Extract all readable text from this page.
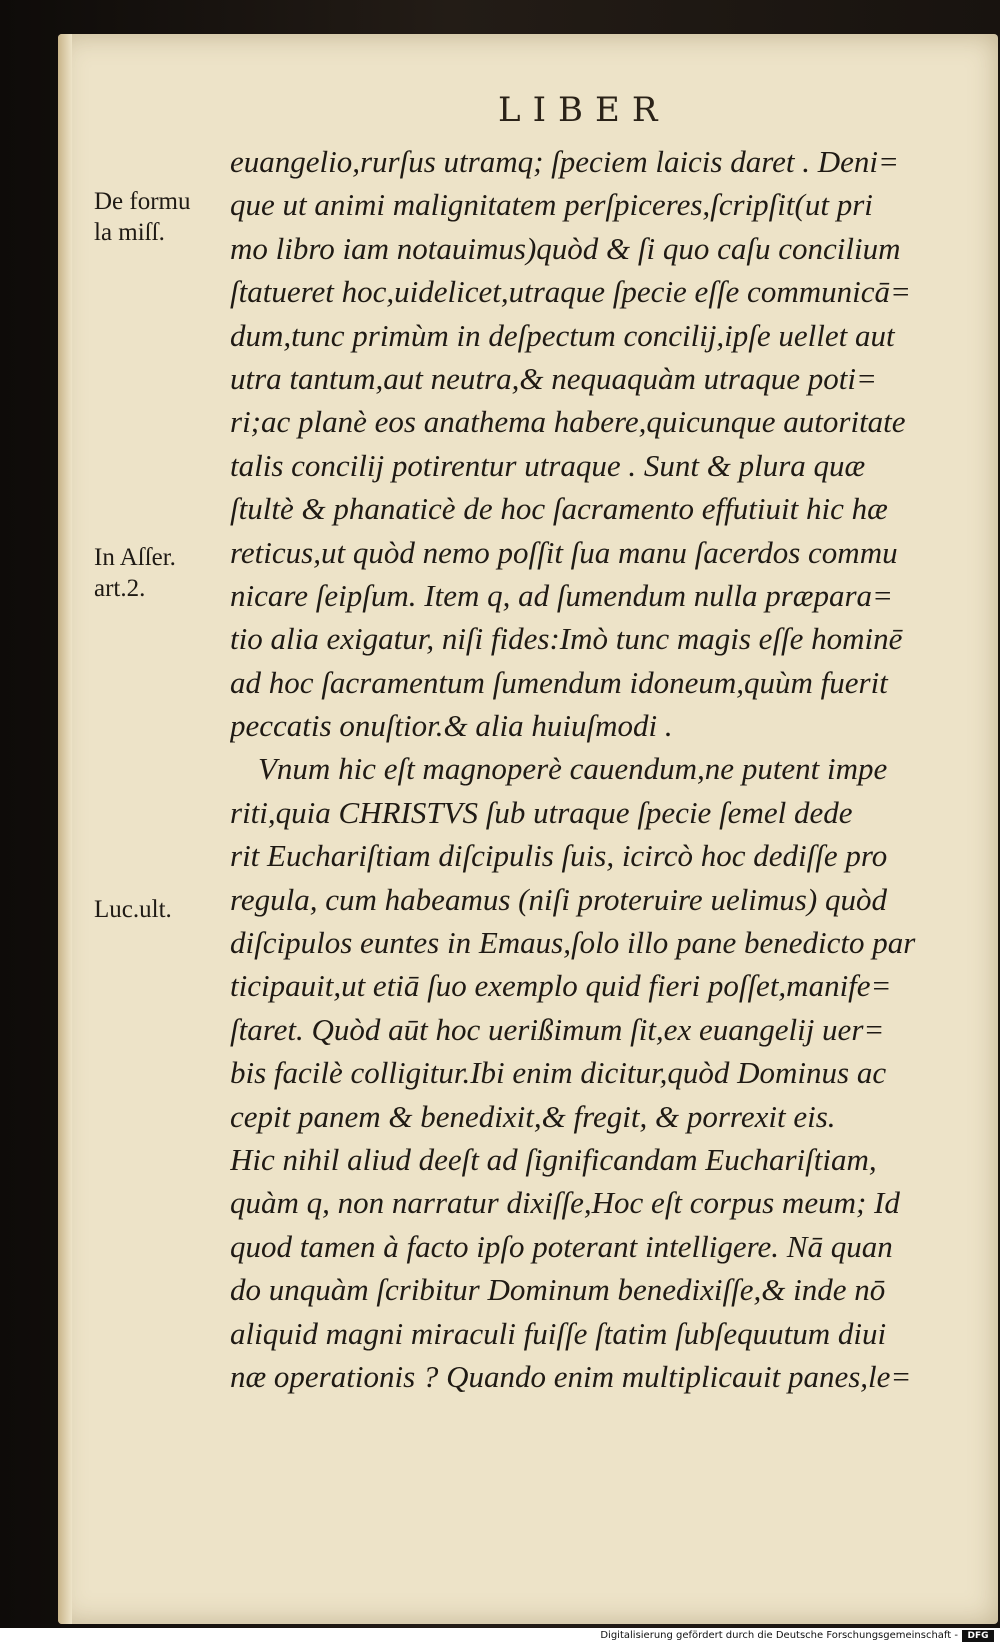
LIBER
De formu
la miſſ.
In Aſſer.
art.2.
Luc.ult.
euangelio,rurſus utramq; ſpeciem laicis daret . Deni=
que ut animi malignitatem perſpiceres,ſcripſit(ut pri
mo libro iam notauimus)quòd & ſi quo caſu concilium
ſtatueret hoc,uidelicet,utraque ſpecie eſſe communicā=
dum,tunc primùm in deſpectum concilij,ipſe uellet aut
utra tantum,aut neutra,& nequaquàm utraque poti=
ri;ac planè eos anathema habere,quicunque autoritate
talis concilij potirentur utraque . Sunt & plura quæ
ſtultè & phanaticè de hoc ſacramento effutiuit hic hæ
reticus,ut quòd nemo poſſit ſua manu ſacerdos commu
nicare ſeipſum. Item q, ad ſumendum nulla præpara=
tio alia exigatur, niſi fides:Imò tunc magis eſſe hominē
ad hoc ſacramentum ſumendum idoneum,quùm fuerit
peccatis onuſtior.& alia huiuſmodi .
Vnum hic eſt magnoperè cauendum,ne putent impe
riti,quia CHRISTVS ſub utraque ſpecie ſemel dede
rit Euchariſtiam diſcipulis ſuis, icircò hoc dediſſe pro
regula, cum habeamus (niſi proteruire uelimus) quòd
diſcipulos euntes in Emaus,ſolo illo pane benedicto par
ticipauit,ut etiā ſuo exemplo quid fieri poſſet,manife=
ſtaret. Quòd aūt hoc uerißimum ſit,ex euangelij uer=
bis facilè colligitur.Ibi enim dicitur,quòd Dominus ac
cepit panem & benedixit,& fregit, & porrexit eis.
Hic nihil aliud deeſt ad ſignificandam Euchariſtiam,
quàm q, non narratur dixiſſe,Hoc eſt corpus meum; Id
quod tamen à facto ipſo poterant intelligere. Nā quan
do unquàm ſcribitur Dominum benedixiſſe,& inde nō
aliquid magni miraculi fuiſſe ſtatim ſubſequutum diui
næ operationis ? Quando enim multiplicauit panes,le=
Digitalisierung gefördert durch die Deutsche Forschungsgemeinschaft -	DFG
